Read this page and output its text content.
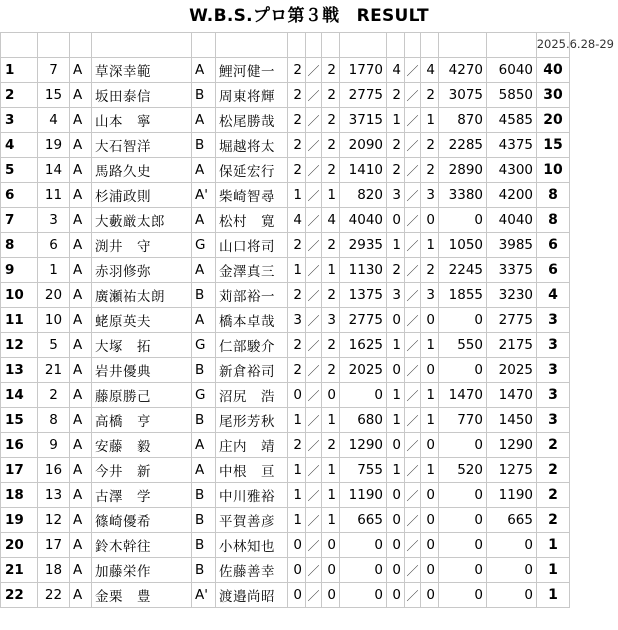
W.B.S.プロ第３戦　RESULT

1	7	A	草深幸範	A	鯉河健一	2	／	2	1770	4	／	4	4270	6040	40
2	15	A	坂田泰信	B	周東将輝	2	／	2	2775	2	／	2	3075	5850	30
3	4	A	山本　寧	A	松尾勝哉	2	／	2	3715	1	／	1	870	4585	20
4	19	A	大石智洋	B	堀越将太	2	／	2	2090	2	／	2	2285	4375	15
5	14	A	馬路久史	A	保延宏行	2	／	2	1410	2	／	2	2890	4300	10
6	11	A	杉浦政則	A'	柴崎智尋	1	／	1	820	3	／	3	3380	4200	8
7	3	A	大藪厳太郎	A	松村　寛	4	／	4	4040	0	／	0	0	4040	8
8	6	A	渕井　守	G	山口将司	2	／	2	2935	1	／	1	1050	3985	6
9	1	A	赤羽修弥	A	金澤真三	1	／	1	1130	2	／	2	2245	3375	6
10	20	A	廣瀬祐太朗	B	苅部裕一	2	／	2	1375	3	／	3	1855	3230	4
11	10	A	蛯原英夫	A	橋本卓哉	3	／	3	2775	0	／	0	0	2775	3
12	5	A	大塚　拓	G	仁部駿介	2	／	2	1625	1	／	1	550	2175	3
13	21	A	岩井優典	B	新倉裕司	2	／	2	2025	0	／	0	0	2025	3
14	2	A	藤原勝己	G	沼尻　浩	0	／	0	0	1	／	1	1470	1470	3
15	8	A	高橋　亨	B	尾形芳秋	1	／	1	680	1	／	1	770	1450	3
16	9	A	安藤　毅	A	庄内　靖	2	／	2	1290	0	／	0	0	1290	2
17	16	A	今井　新	A	中根　亘	1	／	1	755	1	／	1	520	1275	2
18	13	A	古澤　学	B	中川雅裕	1	／	1	1190	0	／	0	0	1190	2
19	12	A	篠崎優希	B	平賀善彦	1	／	1	665	0	／	0	0	665	2
20	17	A	鈴木幹往	B	小林知也	0	／	0	0	0	／	0	0	0	1
21	18	A	加藤栄作	B	佐藤善幸	0	／	0	0	0	／	0	0	0	1
22	22	A	金栗　豊	A'	渡邉尚昭	0	／	0	0	0	／	0	0	0	1
2025.6.28-29
